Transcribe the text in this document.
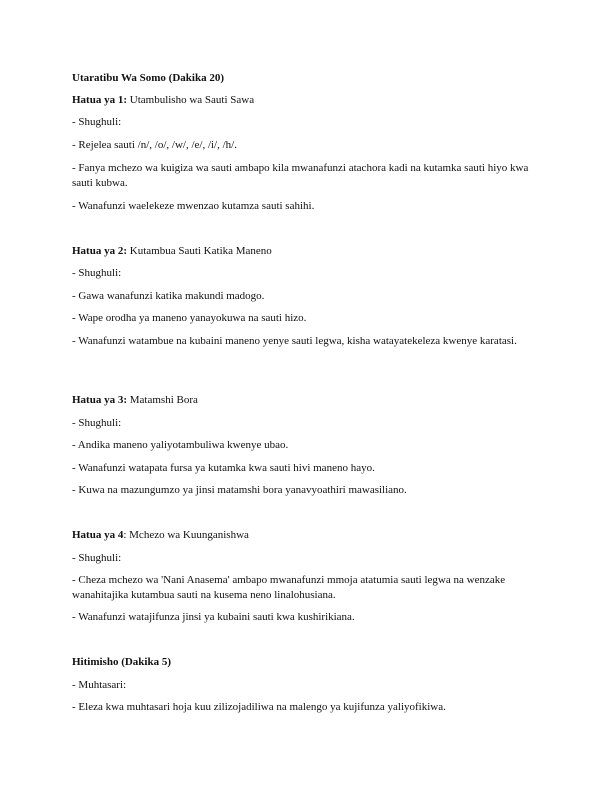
Utaratibu Wa Somo (Dakika 20)

Hatua ya 1: Utambulisho wa Sauti Sawa

- Shughuli:

- Rejelea sauti /n/, /o/, /w/, /e/, /i/, /h/.

- Fanya mchezo wa kuigiza wa sauti ambapo kila mwanafunzi atachora kadi na kutamka sauti hiyo kwa sauti kubwa.

- Wanafunzi waelekeze mwenzao kutamza sauti sahihi.

Hatua ya 2: Kutambua Sauti Katika Maneno

- Shughuli:

- Gawa wanafunzi katika makundi madogo.

- Wape orodha ya maneno yanayokuwa na sauti hizo.

- Wanafunzi watambue na kubaini maneno yenye sauti legwa, kisha watayatekeleza kwenye karatasi.

Hatua ya 3: Matamshi Bora

- Shughuli:

- Andika maneno yaliyotambuliwa kwenye ubao.

- Wanafunzi watapata fursa ya kutamka kwa sauti hivi maneno hayo.

- Kuwa na mazungumzo ya jinsi matamshi bora yanavyoathiri mawasiliano.

Hatua ya 4: Mchezo wa Kuunganishwa

- Shughuli:

- Cheza mchezo wa 'Nani Anasema' ambapo mwanafunzi mmoja atatumia sauti legwa na wenzake wanahitajika kutambua sauti na kusema neno linalohusiana.

- Wanafunzi watajifunza jinsi ya kubaini sauti kwa kushirikiana.

Hitimisho (Dakika 5)

- Muhtasari:

- Eleza kwa muhtasari hoja kuu zilizojadiliwa na malengo ya kujifunza yaliyofikiwa.
